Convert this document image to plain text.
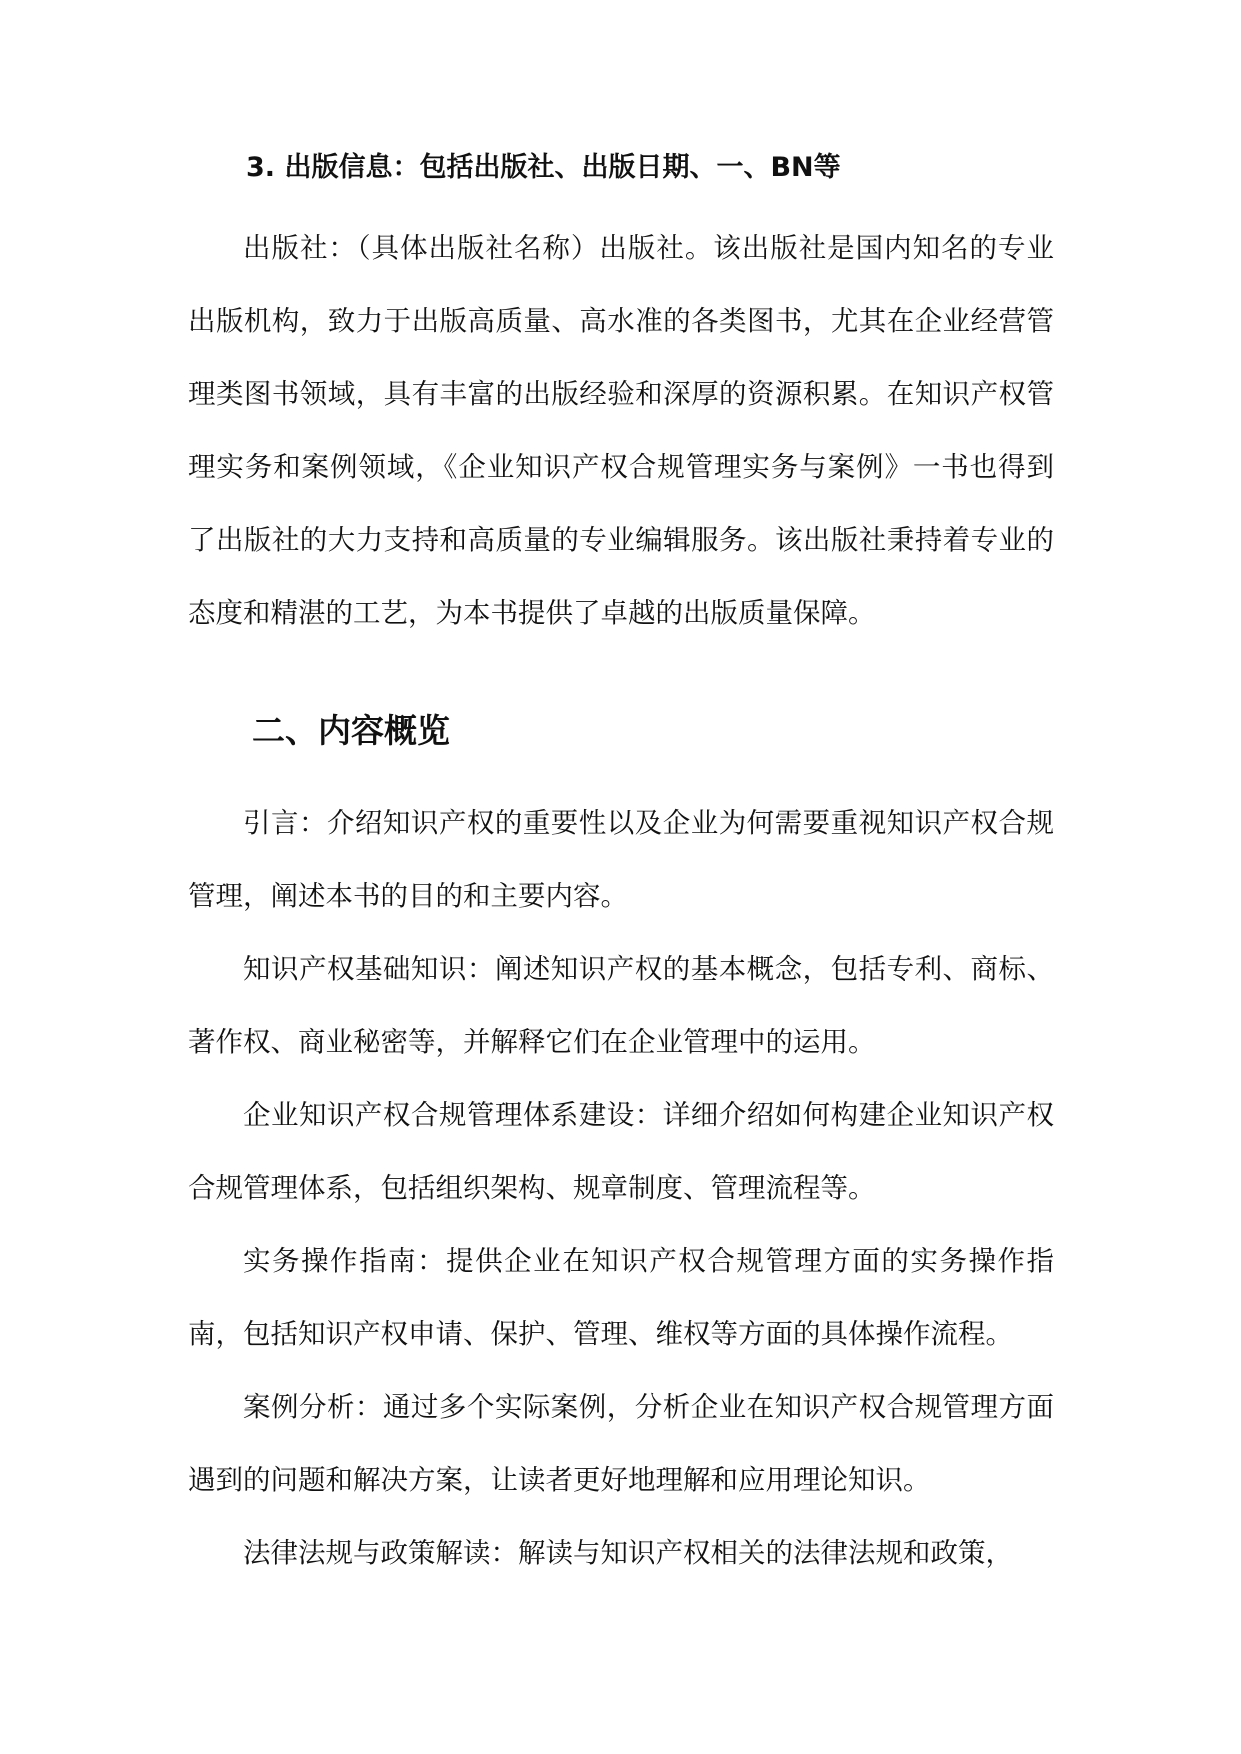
3. 出版信息：包括出版社、出版日期、一、BN等

出版社：（具体出版社名称）出版社。该出版社是国内知名的专业出版机构，致力于出版高质量、高水准的各类图书，尤其在企业经营管理类图书领域，具有丰富的出版经验和深厚的资源积累。在知识产权管理实务和案例领域，《企业知识产权合规管理实务与案例》一书也得到了出版社的大力支持和高质量的专业编辑服务。该出版社秉持着专业的态度和精湛的工艺，为本书提供了卓越的出版质量保障。

二、内容概览

引言：介绍知识产权的重要性以及企业为何需要重视知识产权合规管理，阐述本书的目的和主要内容。

知识产权基础知识：阐述知识产权的基本概念，包括专利、商标、著作权、商业秘密等，并解释它们在企业管理中的运用。

企业知识产权合规管理体系建设：详细介绍如何构建企业知识产权合规管理体系，包括组织架构、规章制度、管理流程等。

实务操作指南：提供企业在知识产权合规管理方面的实务操作指南，包括知识产权申请、保护、管理、维权等方面的具体操作流程。

案例分析：通过多个实际案例，分析企业在知识产权合规管理方面遇到的问题和解决方案，让读者更好地理解和应用理论知识。

法律法规与政策解读：解读与知识产权相关的法律法规和政策，
